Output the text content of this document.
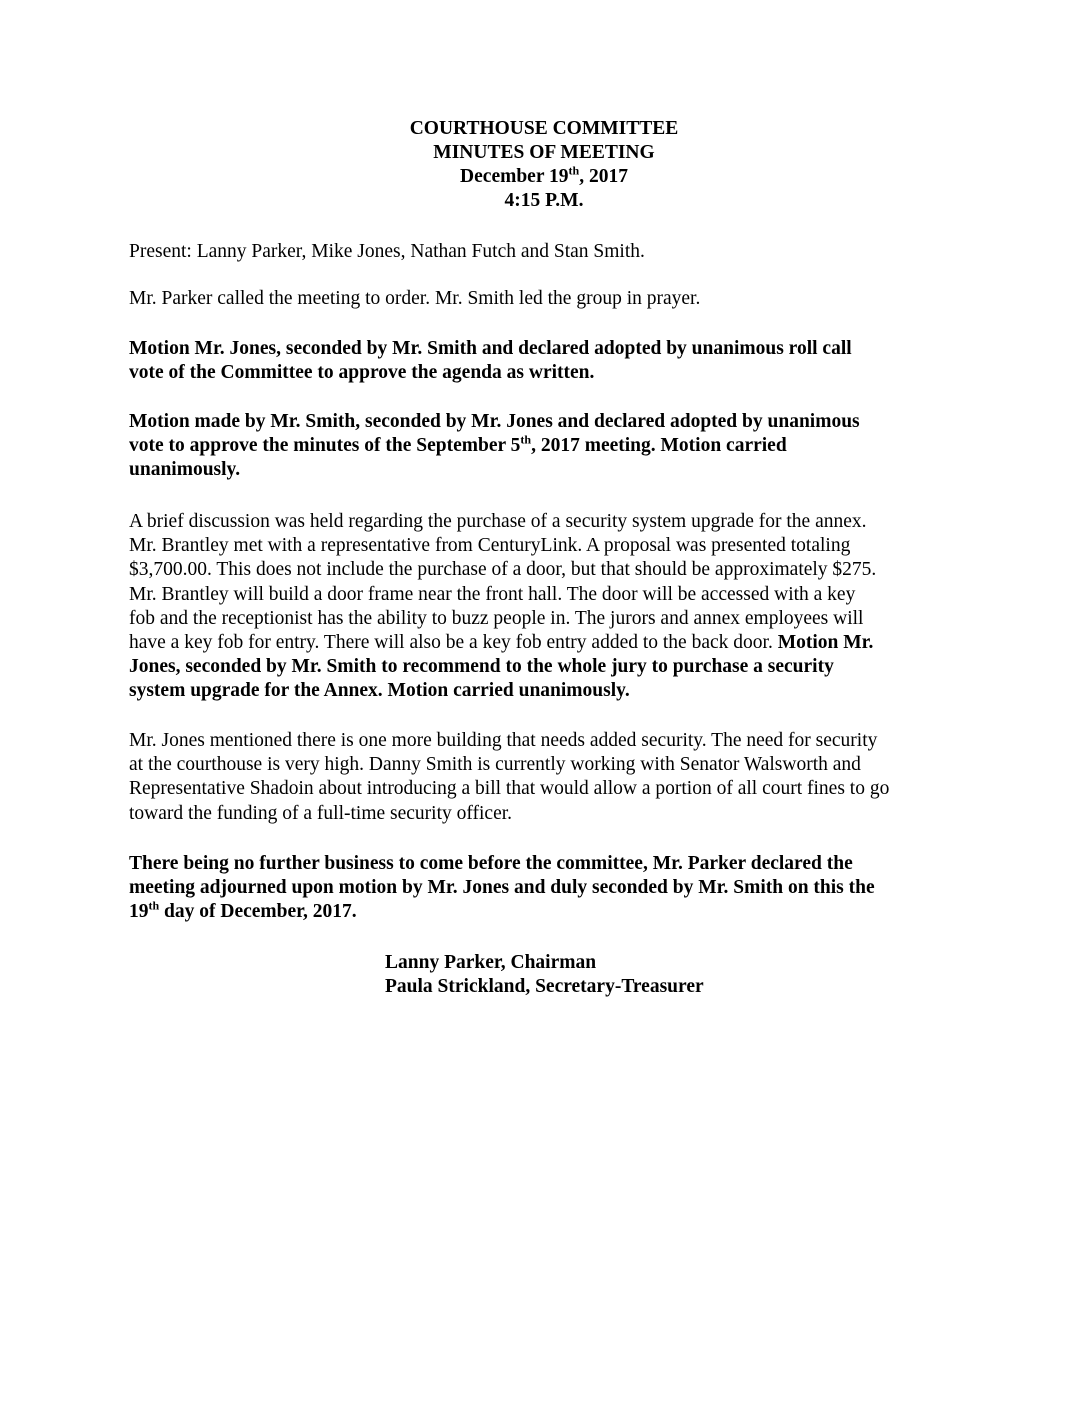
COURTHOUSE COMMITTEE
MINUTES OF MEETING
December 19th, 2017
4:15 P.M.
Present: Lanny Parker, Mike Jones, Nathan Futch and Stan Smith.
Mr. Parker called the meeting to order. Mr. Smith led the group in prayer.
Motion Mr. Jones, seconded by Mr. Smith and declared adopted by unanimous roll call
vote of the Committee to approve the agenda as written.
Motion made by Mr. Smith, seconded by Mr. Jones and declared adopted by unanimous
vote to approve the minutes of the September 5th, 2017 meeting. Motion carried
unanimously.
A brief discussion was held regarding the purchase of a security system upgrade for the annex.
Mr. Brantley met with a representative from CenturyLink. A proposal was presented totaling
$3,700.00. This does not include the purchase of a door, but that should be approximately $275.
Mr. Brantley will build a door frame near the front hall. The door will be accessed with a key
fob and the receptionist has the ability to buzz people in. The jurors and annex employees will
have a key fob for entry. There will also be a key fob entry added to the back door. Motion Mr.
Jones, seconded by Mr. Smith to recommend to the whole jury to purchase a security
system upgrade for the Annex. Motion carried unanimously.
Mr. Jones mentioned there is one more building that needs added security. The need for security
at the courthouse is very high. Danny Smith is currently working with Senator Walsworth and
Representative Shadoin about introducing a bill that would allow a portion of all court fines to go
toward the funding of a full-time security officer.
There being no further business to come before the committee, Mr. Parker declared the
meeting adjourned upon motion by Mr. Jones and duly seconded by Mr. Smith on this the
19th day of December, 2017.
Lanny Parker, Chairman
Paula Strickland, Secretary-Treasurer
